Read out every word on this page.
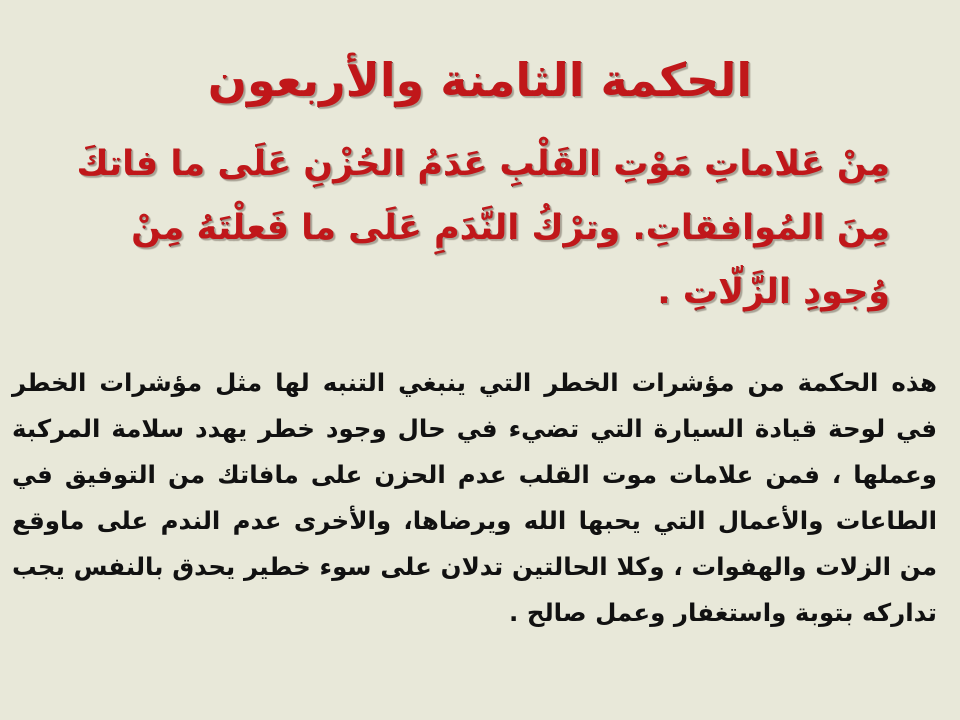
الحكمة الثامنة والأربعون

مِنْ عَلاماتِ مَوْتِ القَلْبِ عَدَمُ الحُزْنِ عَلَى ما فاتكَ مِنَ المُوافقاتِ. وترْكُ النَّدَمِ عَلَى ما فَعلْتَهُ مِنْ وُجودِ الزَّلّاتِ .

هذه الحكمة من مؤشرات الخطر التي ينبغي التنبه لها مثل مؤشرات الخطر في لوحة قيادة السيارة التي تضيء في حال وجود خطر يهدد سلامة المركبة وعملها ، فمن علامات موت القلب عدم الحزن على مافاتك من التوفيق في الطاعات والأعمال التي يحبها الله ويرضاها، والأخرى عدم الندم على ماوقع من الزلات والهفوات ، وكلا الحالتين تدلان على سوء خطير يحدق بالنفس يجب تداركه بتوبة واستغفار وعمل صالح .
